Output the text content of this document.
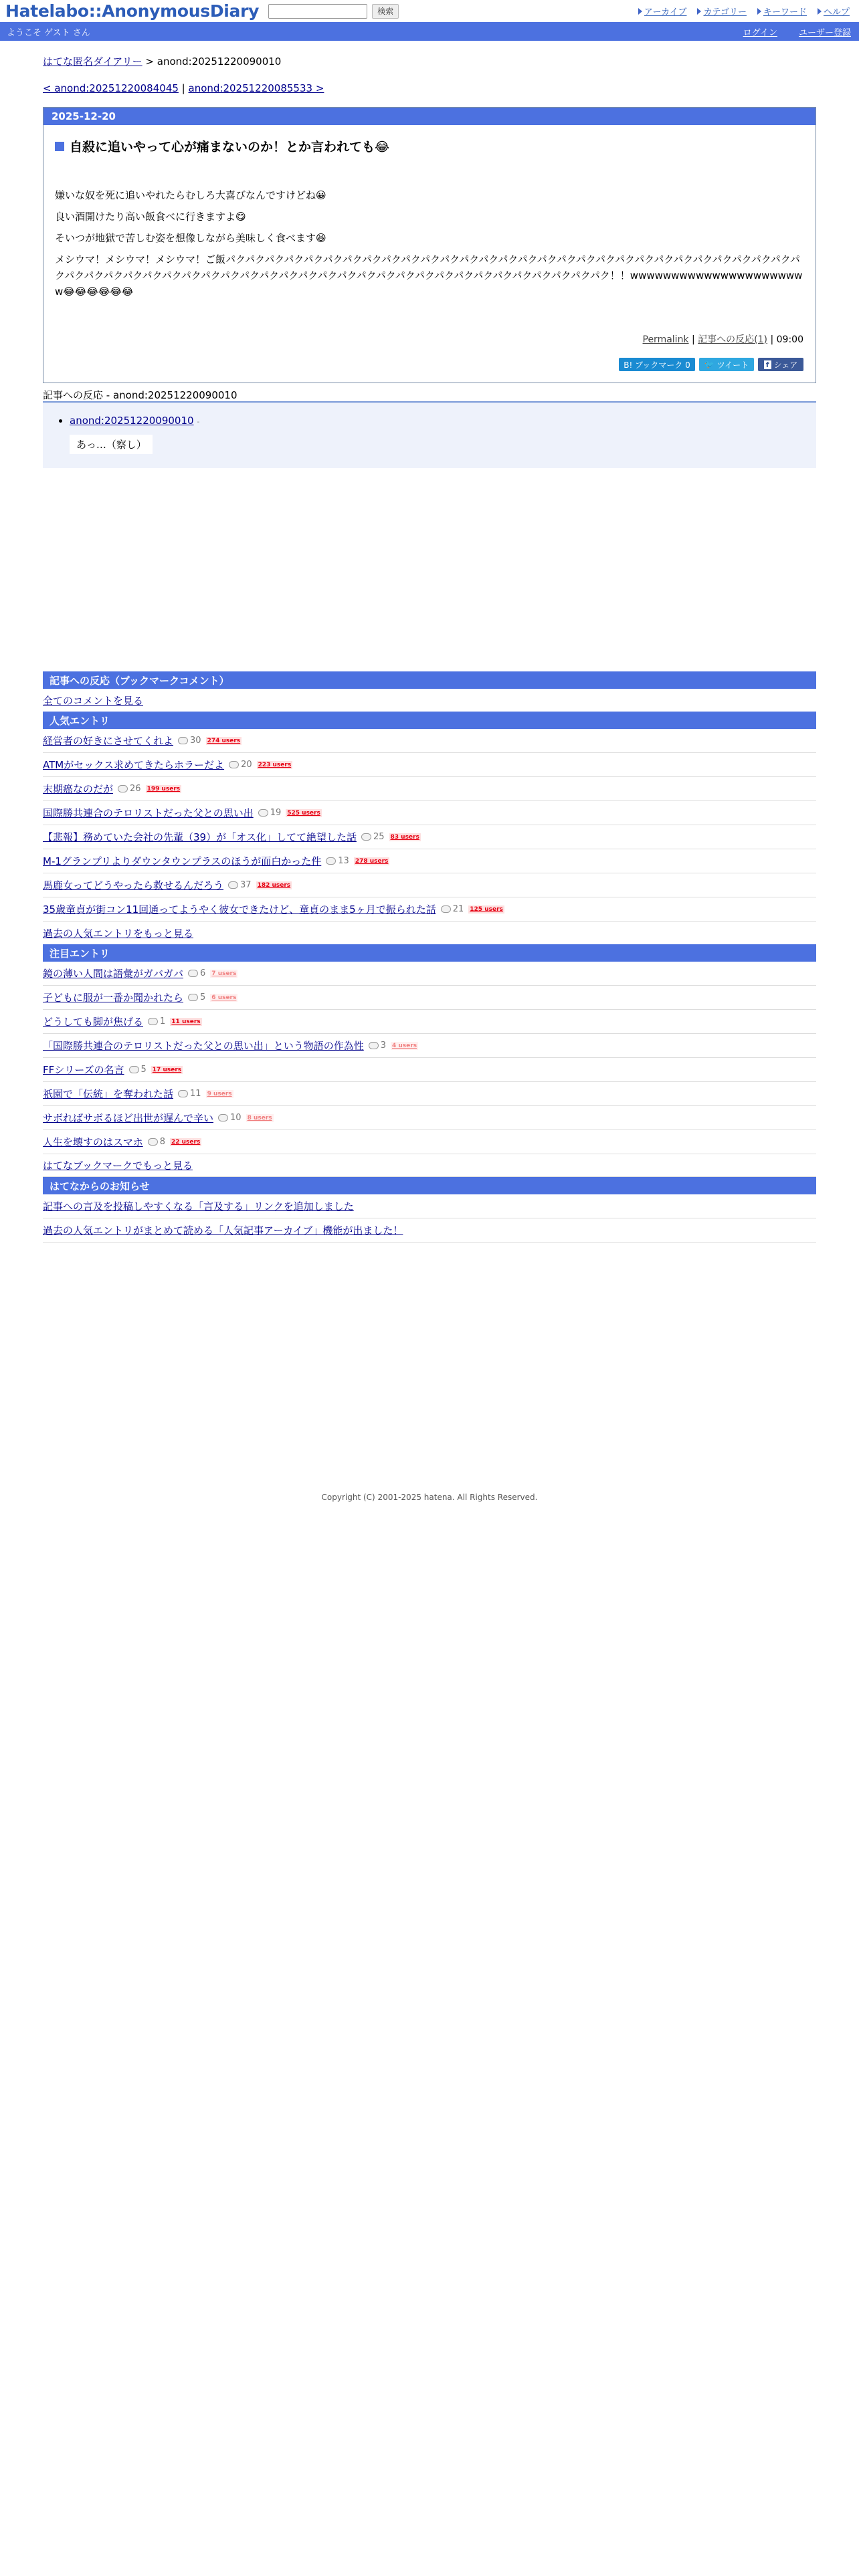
Hatelabo::AnonymousDiary	検索	アーカイブ カテゴリー キーワード ヘルプ
ようこそ ゲスト さん	ログイン ユーザー登録
はてな匿名ダイアリー > anond:20251220090010
< anond:20251220084045 | anond:20251220085533 >
2025-12-20
自殺に追いやって心が痛まないのか！とか言われても😂

嫌いな奴を死に追いやれたらむしろ大喜びなんですけどね😀

良い酒開けたり高い飯食べに行きますよ😋

そいつが地獄で苦しむ姿を想像しながら美味しく食べます😆

メシウマ！メシウマ！メシウマ！ご飯パクパクパクパクパクパクパクパクパクパクパクパクパクパクパクパクパクパクパクパクパクパクパクパクパクパクパクパクパクパクパクパクパクパクパクパクパクパクパクパクパクパクパクパクパクパクパクパクパクパクパクパクパクパクパクパクパクパク！！wwwwwwwwwwwwwwwwwwwwww😂😂😂😂😂😂

Permalink | 記事への反応(1) | 09:00
B! ブックマーク 0	🐦 ツイート f シェア
記事への反応 - anond:20251220090010
• anond:20251220090010 -
あっ…（察し）
記事への反応（ブックマークコメント）
全てのコメントを見る
人気エントリ
経営者の好きにさせてくれよ 30 274 users
ATMがセックス求めてきたらホラーだよ 20 223 users
末期癌なのだが 26 199 users
国際勝共連合のテロリストだった父との思い出 19 525 users
【悲報】務めていた会社の先輩（39）が「オス化」してて絶望した話 25 83 users
M-1グランプリよりダウンタウンプラスのほうが面白かった件 13 278 users
馬鹿女ってどうやったら救せるんだろう 37 182 users
35歳童貞が街コン11回通ってようやく彼女できたけど、童貞のまま5ヶ月で振られた話 21 125 users
過去の人気エントリをもっと見る
注目エントリ
鏡の薄い人間は語彙がガバガバ 6 7 users
子どもに服が一番か聞かれたら 5 6 users
どうしても脚が焦げる 1 11 users
「国際勝共連合のテロリストだった父との思い出」という物語の作為性 3 4 users
FFシリーズの名言 5 17 users
祇園で「伝統」を奪われた話 11 9 users
サボればサボるほど出世が遅んで辛い 10 8 users
人生を壊すのはスマホ 8 22 users
はてなブックマークでもっと見る
はてなからのお知らせ
記事への言及を投稿しやすくなる「言及する」リンクを追加しました
過去の人気エントリがまとめて読める「人気記事アーカイブ」機能が出ました！
Copyright (C) 2001-2025 hatena. All Rights Reserved.
